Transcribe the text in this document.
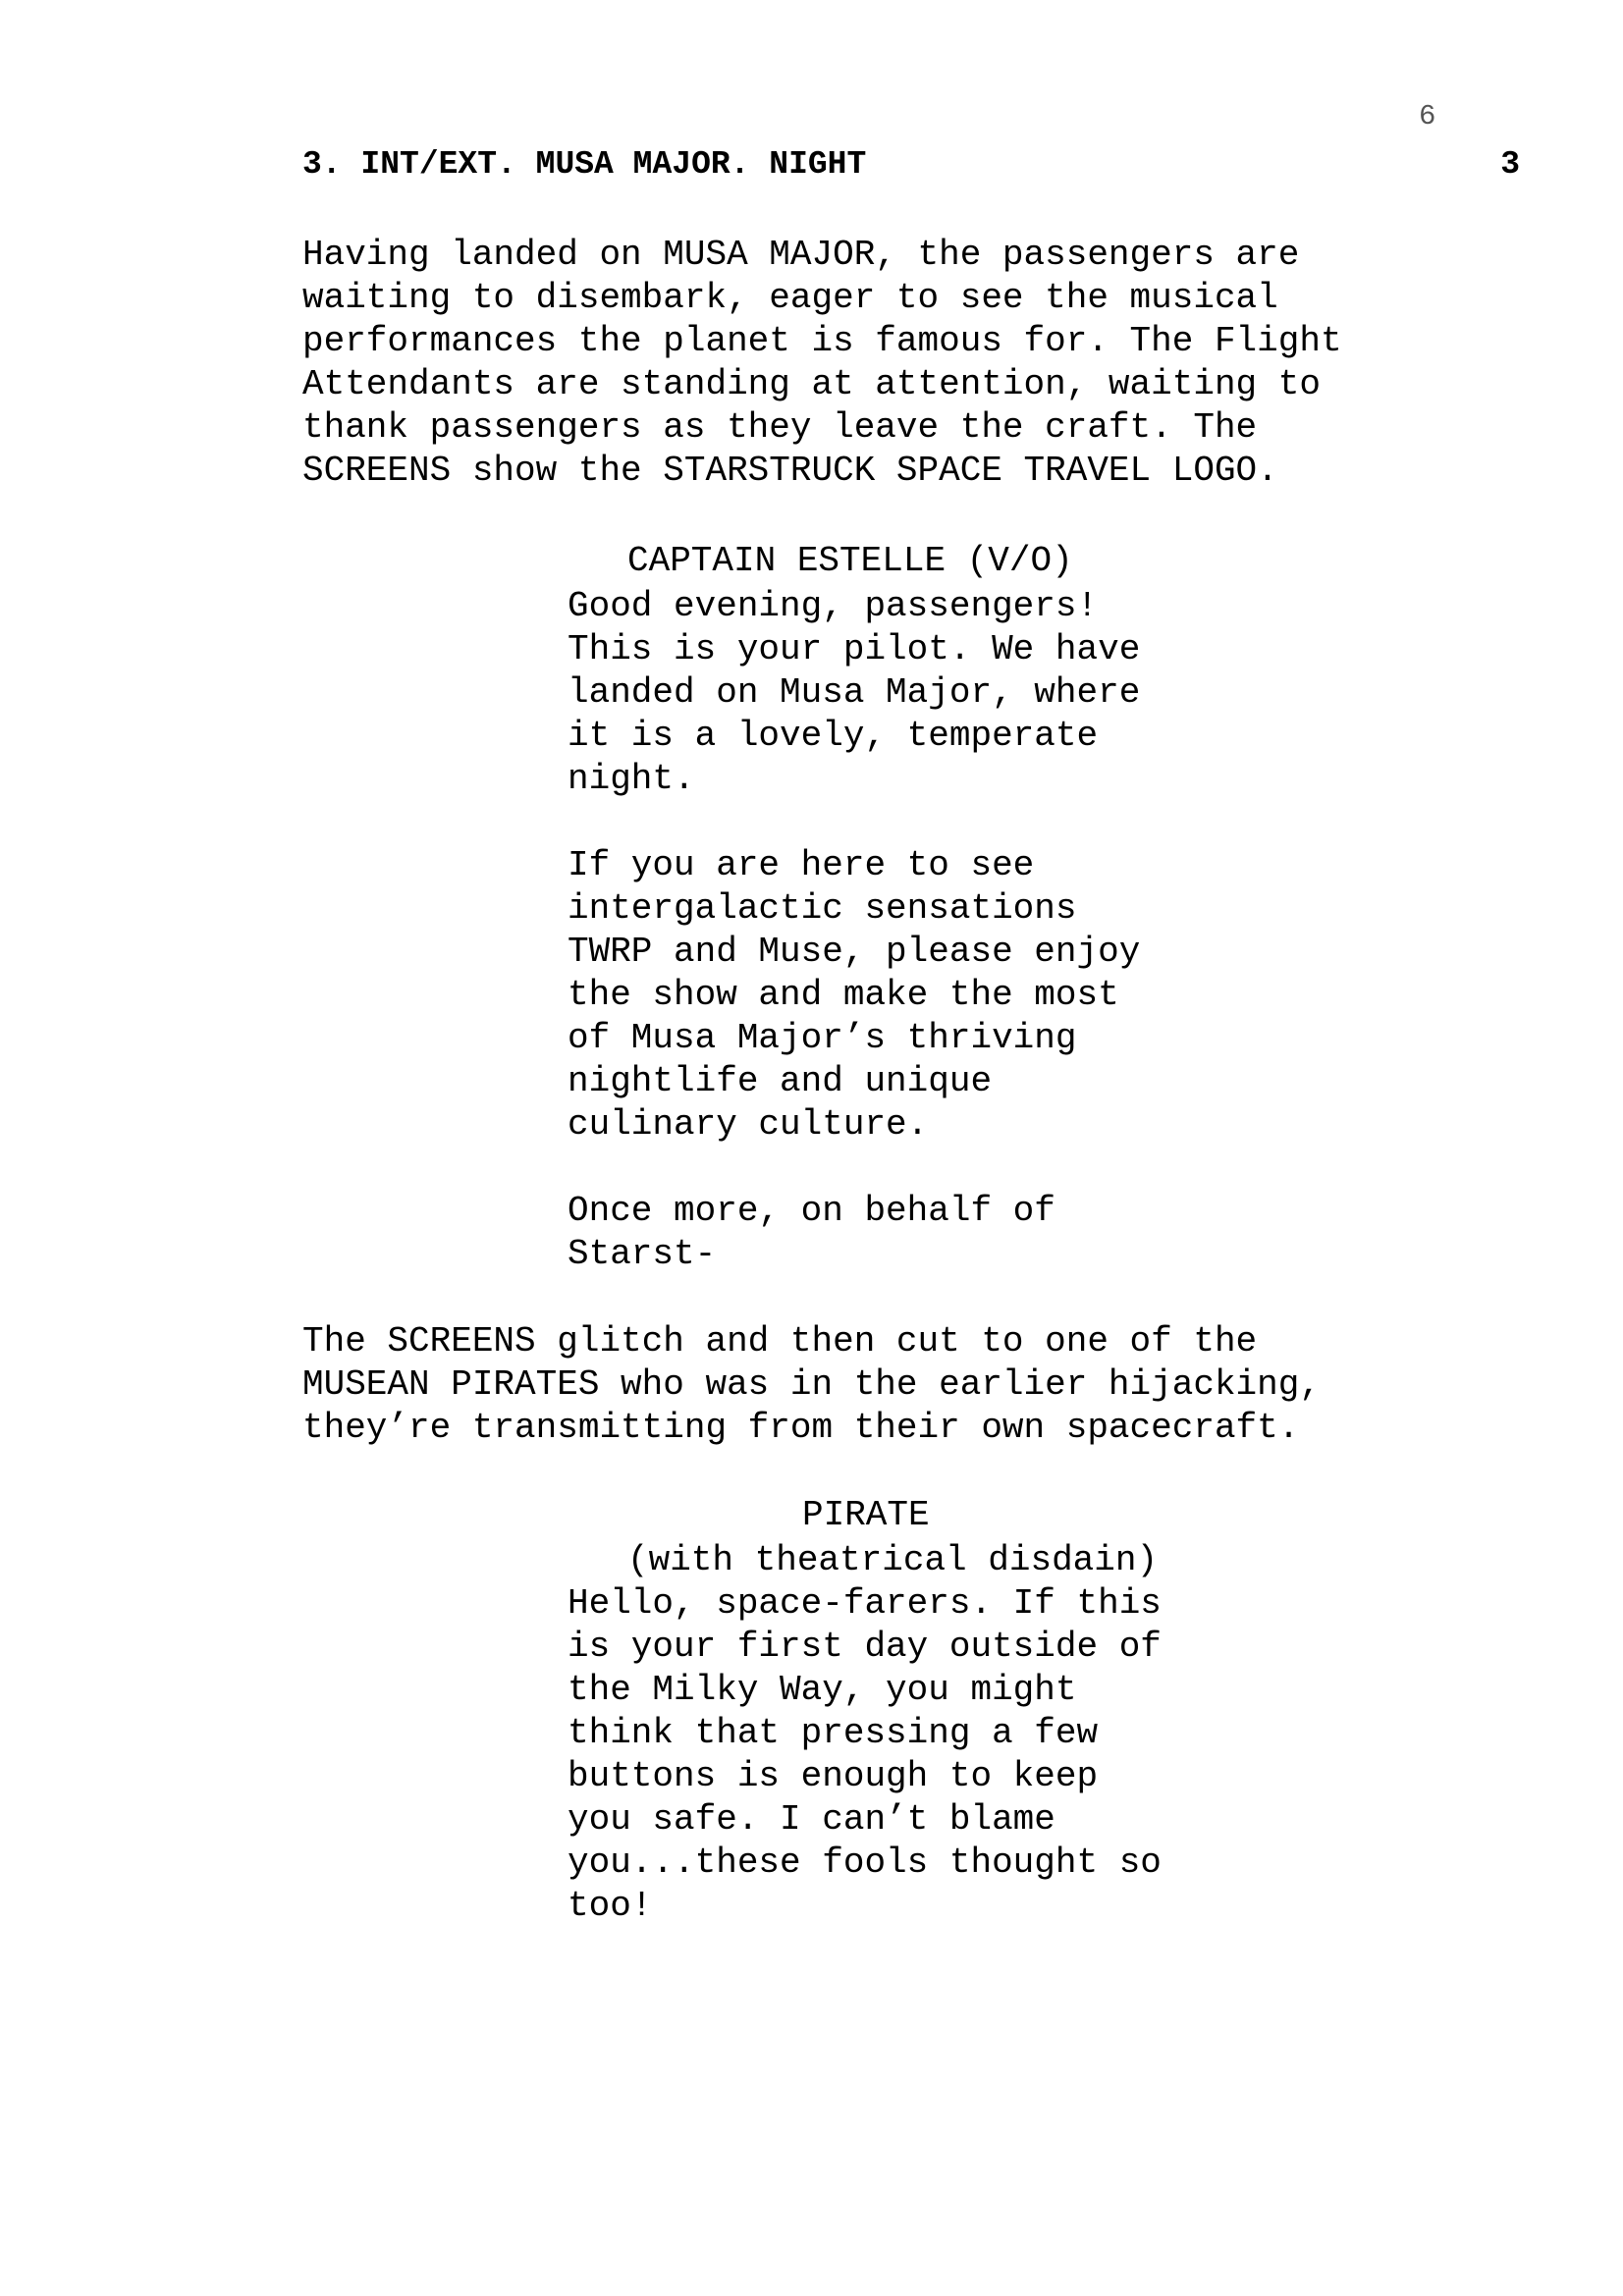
6
3. INT/EXT. MUSA MAJOR. NIGHT	3
Having landed on MUSA MAJOR, the passengers are
waiting to disembark, eager to see the musical
performances the planet is famous for. The Flight
Attendants are standing at attention, waiting to
thank passengers as they leave the craft. The
SCREENS show the STARSTRUCK SPACE TRAVEL LOGO.
CAPTAIN ESTELLE (V/O)
Good evening, passengers!
This is your pilot. We have
landed on Musa Major, where
it is a lovely, temperate
night.
If you are here to see
intergalactic sensations
TWRP and Muse, please enjoy
the show and make the most
of Musa Major’s thriving
nightlife and unique
culinary culture.
Once more, on behalf of
Starst-
The SCREENS glitch and then cut to one of the
MUSEAN PIRATES who was in the earlier hijacking,
they’re transmitting from their own spacecraft.
PIRATE
(with theatrical disdain)
Hello, space-farers. If this
is your first day outside of
the Milky Way, you might
think that pressing a few
buttons is enough to keep
you safe. I can’t blame
you...these fools thought so
too!
